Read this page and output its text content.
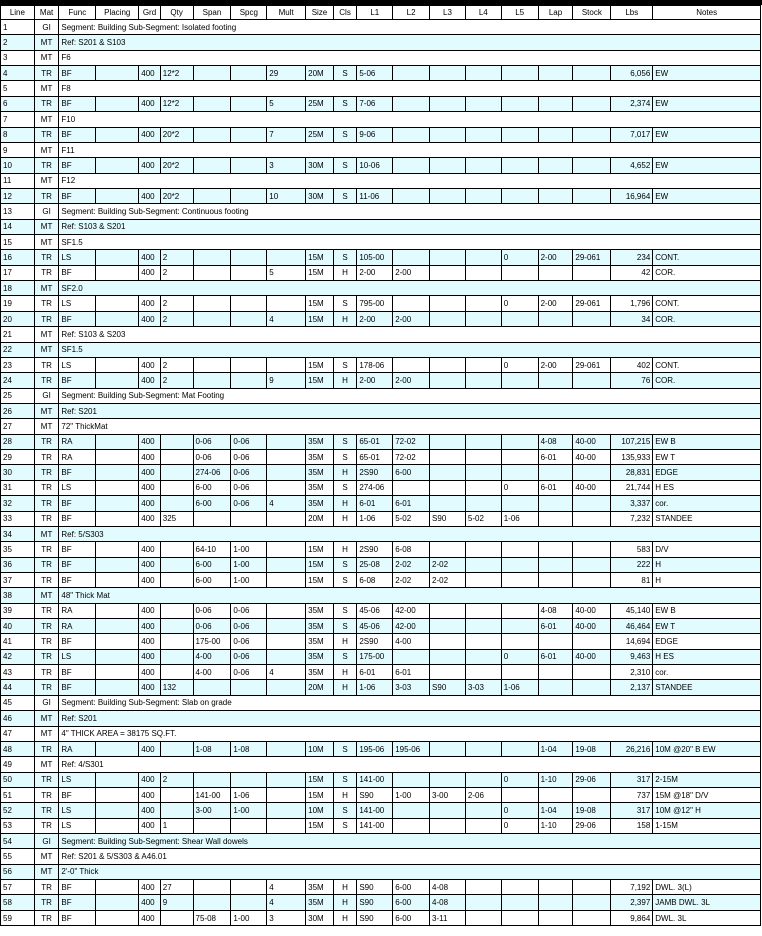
Line	Mat	Func	Placing	Grd	Qty	Span	Spcg	Mult	Size	Cls	L1	L2	L3	L4	L5	Lap	Stock	Lbs	Notes
1	GI	Segment: Building Sub-Segment: Isolated footing																	
2	MT	Ref: S201 & S103																	
3	MT	F6																	
4	TR	BF		400	12*2			29	20M	S	5-06							6,056	EW
5	MT	F8																	
6	TR	BF		400	12*2			5	25M	S	7-06							2,374	EW
7	MT	F10																	
8	TR	BF		400	20*2			7	25M	S	9-06							7,017	EW
9	MT	F11																	
10	TR	BF		400	20*2			3	30M	S	10-06							4,652	EW
11	MT	F12																	
12	TR	BF		400	20*2			10	30M	S	11-06							16,964	EW
13	GI	Segment: Building Sub-Segment: Continuous footing																	
14	MT	Ref: S103 & S201																	
15	MT	SF1.5																	
16	TR	LS		400	2				15M	S	105-00				0	2-00	29-061	234	CONT.
17	TR	BF		400	2			5	15M	H	2-00	2-00						42	COR.
18	MT	SF2.0																	
19	TR	LS		400	2				15M	S	795-00				0	2-00	29-061	1,796	CONT.
20	TR	BF		400	2			4	15M	H	2-00	2-00						34	COR.
21	MT	Ref: S103 & S203																	
22	MT	SF1.5																	
23	TR	LS		400	2				15M	S	178-06				0	2-00	29-061	402	CONT.
24	TR	BF		400	2			9	15M	H	2-00	2-00						76	COR.
25	GI	Segment: Building Sub-Segment: Mat Footing																	
26	MT	Ref: S201																	
27	MT	72" ThickMat																	
28	TR	RA		400		0-06	0-06		35M	S	65-01	72-02				4-08	40-00	107,215	EW B
29	TR	RA		400		0-06	0-06		35M	S	65-01	72-02				6-01	40-00	135,933	EW T
30	TR	BF		400		274-06	0-06		35M	H	2S90	6-00						28,831	EDGE
31	TR	LS		400		6-00	0-06		35M	S	274-06				0	6-01	40-00	21,744	H ES
32	TR	BF		400		6-00	0-06	4	35M	H	6-01	6-01						3,337	cor.
33	TR	BF		400	325				20M	H	1-06	5-02	S90	5-02	1-06			7,232	STANDEE
34	MT	Ref: 5/S303																	
35	TR	BF		400		64-10	1-00		15M	H	2S90	6-08						583	D/V
36	TR	BF		400		6-00	1-00		15M	S	25-08	2-02	2-02					222	H
37	TR	BF		400		6-00	1-00		15M	S	6-08	2-02	2-02					81	H
38	MT	48" Thick Mat																	
39	TR	RA		400		0-06	0-06		35M	S	45-06	42-00				4-08	40-00	45,140	EW B
40	TR	RA		400		0-06	0-06		35M	S	45-06	42-00				6-01	40-00	46,464	EW T
41	TR	BF		400		175-00	0-06		35M	H	2S90	4-00						14,694	EDGE
42	TR	LS		400		4-00	0-06		35M	S	175-00				0	6-01	40-00	9,463	H ES
43	TR	BF		400		4-00	0-06	4	35M	H	6-01	6-01						2,310	cor.
44	TR	BF		400	132				20M	H	1-06	3-03	S90	3-03	1-06			2,137	STANDEE
45	GI	Segment: Building Sub-Segment: Slab on grade																	
46	MT	Ref: S201																	
47	MT	4" THICK AREA = 38175 SQ.FT.																	
48	TR	RA		400		1-08	1-08		10M	S	195-06	195-06				1-04	19-08	26,216	10M @20" B EW
49	MT	Ref: 4/S301																	
50	TR	LS		400	2				15M	S	141-00				0	1-10	29-06	317	2-15M
51	TR	BF		400		141-00	1-06		15M	H	S90	1-00	3-00	2-06				737	15M @18" D/V
52	TR	LS		400		3-00	1-00		10M	S	141-00				0	1-04	19-08	317	10M @12" H
53	TR	LS		400	1				15M	S	141-00				0	1-10	29-06	158	1-15M
54	GI	Segment: Building Sub-Segment: Shear Wall dowels																	
55	MT	Ref: S201 & 5/S303 & A46.01																	
56	MT	2'-0" Thick																	
57	TR	BF		400	27			4	35M	H	S90	6-00	4-08					7,192	DWL. 3(L)
58	TR	BF		400	9			4	35M	H	S90	6-00	4-08					2,397	JAMB DWL. 3L
59	TR	BF		400		75-08	1-00	3	30M	H	S90	6-00	3-11					9,864	DWL. 3L
